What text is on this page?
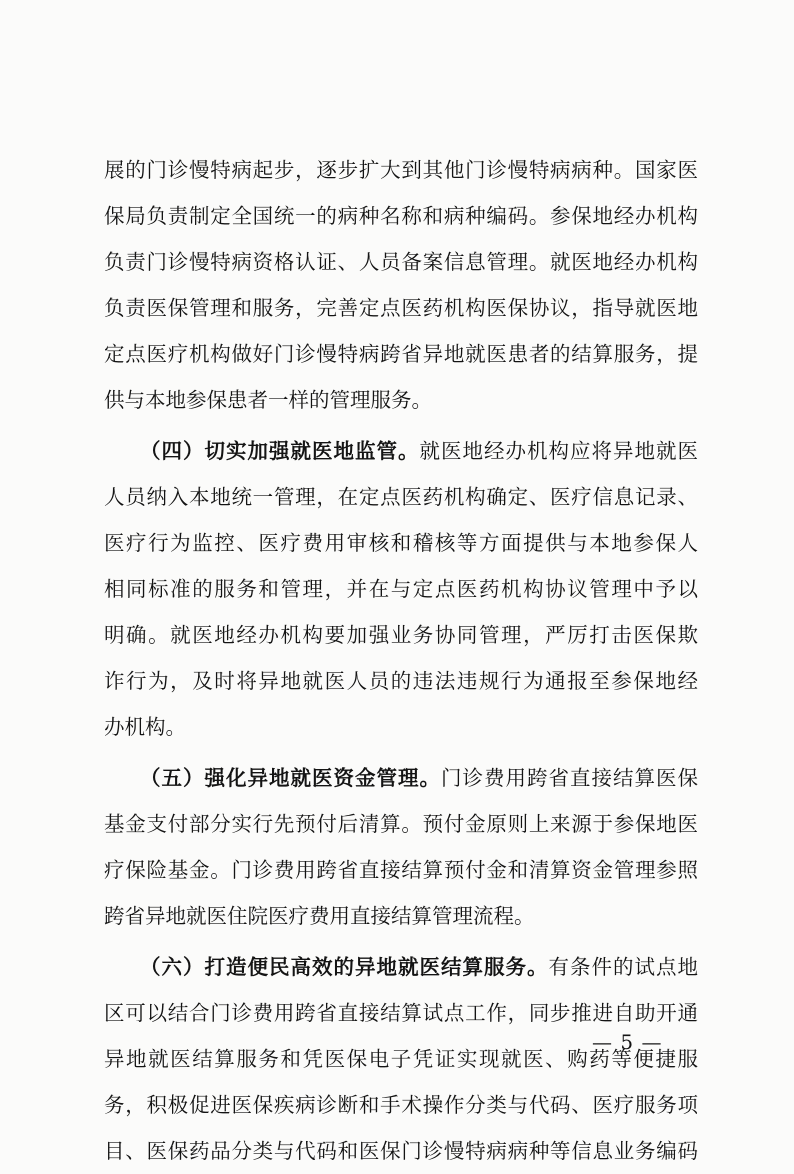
展的门诊慢特病起步，逐步扩大到其他门诊慢特病病种。国家医
保局负责制定全国统一的病种名称和病种编码。参保地经办机构
负责门诊慢特病资格认证、人员备案信息管理。就医地经办机构
负责医保管理和服务，完善定点医药机构医保协议，指导就医地
定点医疗机构做好门诊慢特病跨省异地就医患者的结算服务，提
供与本地参保患者一样的管理服务。
（四）切实加强就医地监管。就医地经办机构应将异地就医
人员纳入本地统一管理，在定点医药机构确定、医疗信息记录、
医疗行为监控、医疗费用审核和稽核等方面提供与本地参保人
相同标准的服务和管理，并在与定点医药机构协议管理中予以
明确。就医地经办机构要加强业务协同管理，严厉打击医保欺
诈行为，及时将异地就医人员的违法违规行为通报至参保地经
办机构。
（五）强化异地就医资金管理。门诊费用跨省直接结算医保
基金支付部分实行先预付后清算。预付金原则上来源于参保地医
疗保险基金。门诊费用跨省直接结算预付金和清算资金管理参照
跨省异地就医住院医疗费用直接结算管理流程。
（六）打造便民高效的异地就医结算服务。有条件的试点地
区可以结合门诊费用跨省直接结算试点工作，同步推进自助开通
异地就医结算服务和凭医保电子凭证实现就医、购药等便捷服
务，积极促进医保疾病诊断和手术操作分类与代码、医疗服务项
目、医保药品分类与代码和医保门诊慢特病病种等信息业务编码
— 5 —
